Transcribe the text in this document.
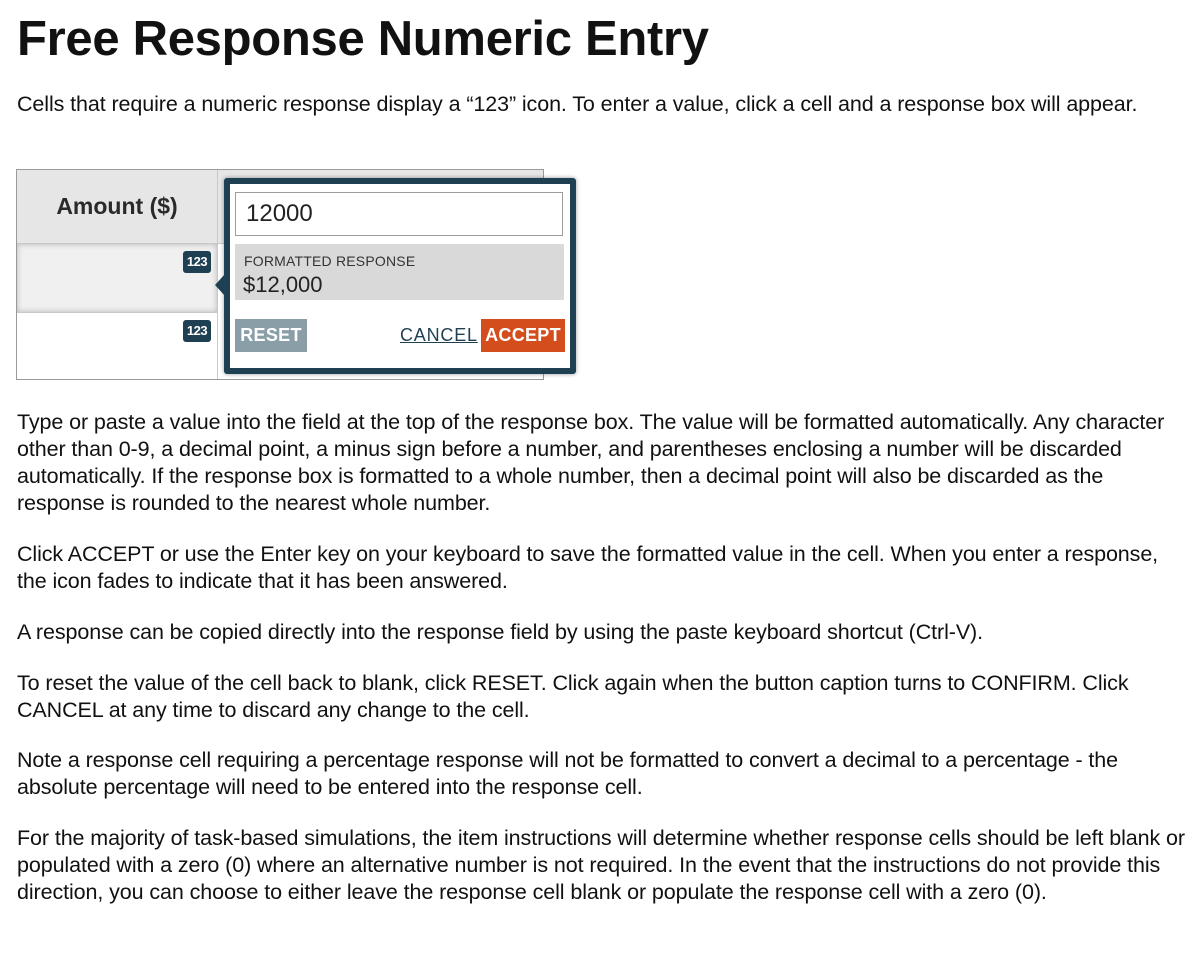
Free Response Numeric Entry

Cells that require a numeric response display a “123” icon. To enter a value, click a cell and a response box will appear.

Amount ($)
123
123
12000
FORMATTED RESPONSE
$12,000
RESET	CANCEL ACCEPT

Type or paste a value into the field at the top of the response box. The value will be formatted automatically. Any character other than 0-9, a decimal point, a minus sign before a number, and parentheses enclosing a number will be discarded automatically. If the response box is formatted to a whole number, then a decimal point will also be discarded as the response is rounded to the nearest whole number.

Click ACCEPT or use the Enter key on your keyboard to save the formatted value in the cell. When you enter a response, the icon fades to indicate that it has been answered.

A response can be copied directly into the response field by using the paste keyboard shortcut (Ctrl-V).

To reset the value of the cell back to blank, click RESET. Click again when the button caption turns to CONFIRM. Click CANCEL at any time to discard any change to the cell.

Note a response cell requiring a percentage response will not be formatted to convert a decimal to a percentage - the absolute percentage will need to be entered into the response cell.

For the majority of task-based simulations, the item instructions will determine whether response cells should be left blank or populated with a zero (0) where an alternative number is not required. In the event that the instructions do not provide this direction, you can choose to either leave the response cell blank or populate the response cell with a zero (0).
